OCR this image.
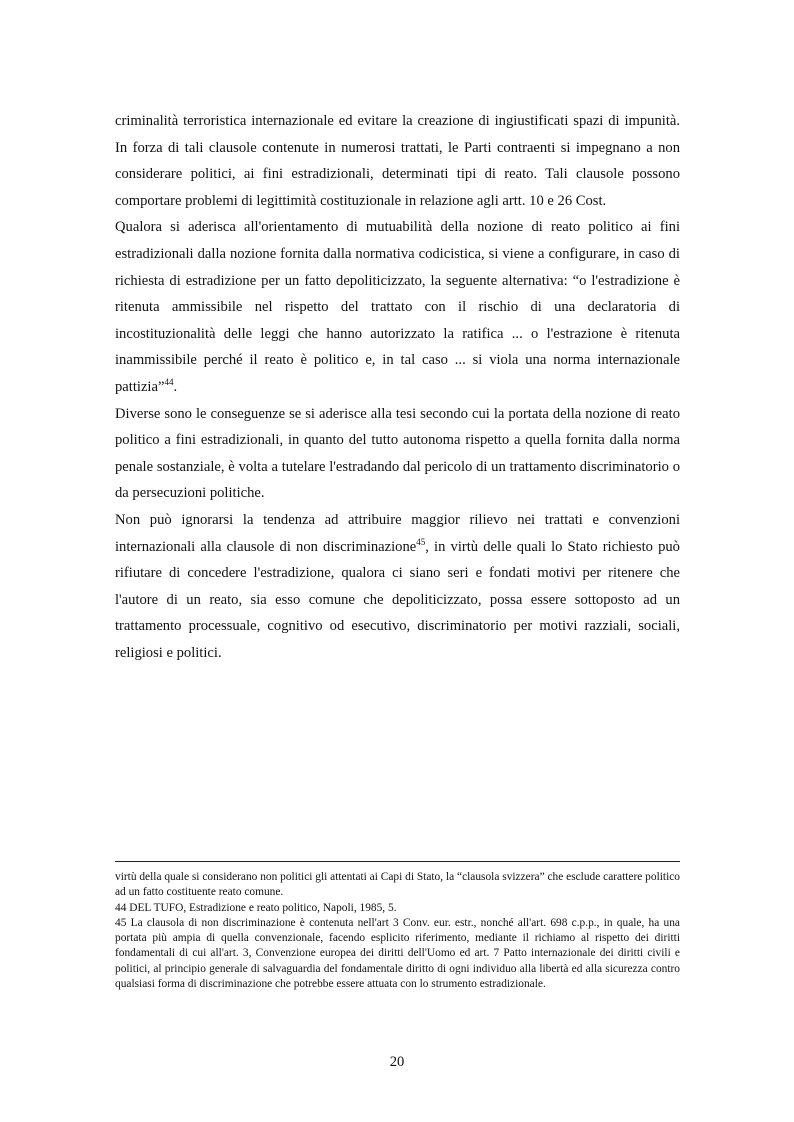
criminalità terroristica internazionale ed evitare la creazione di ingiustificati spazi di impunità. In forza di tali clausole contenute in numerosi trattati, le Parti contraenti si impegnano a non considerare politici, ai fini estradizionali, determinati tipi di reato. Tali clausole possono comportare problemi di legittimità costituzionale in relazione agli artt. 10 e 26 Cost.

Qualora si aderisca all'orientamento di mutuabilità della nozione di reato politico ai fini estradizionali dalla nozione fornita dalla normativa codicistica, si viene a configurare, in caso di richiesta di estradizione per un fatto depoliticizzato, la seguente alternativa: “o l'estradizione è ritenuta ammissibile nel rispetto del trattato con il rischio di una declaratoria di incostituzionalità delle leggi che hanno autorizzato la ratifica ... o l'estrazione è ritenuta inammissibile perché il reato è politico e, in tal caso ... si viola una norma internazionale pattizia”$^{44}$.

Diverse sono le conseguenze se si aderisce alla tesi secondo cui la portata della nozione di reato politico a fini estradizionali, in quanto del tutto autonoma rispetto a quella fornita dalla norma penale sostanziale, è volta a tutelare l'estradando dal pericolo di un trattamento discriminatorio o da persecuzioni politiche.

Non può ignorarsi la tendenza ad attribuire maggior rilievo nei trattati e convenzioni internazionali alla clausole di non discriminazione$^{45}$, in virtù delle quali lo Stato richiesto può rifiutare di concedere l'estradizione, qualora ci siano seri e fondati motivi per ritenere che l'autore di un reato, sia esso comune che depoliticizzato, possa essere sottoposto ad un trattamento processuale, cognitivo od esecutivo, discriminatorio per motivi razziali, sociali, religiosi e politici.

virtù della quale si considerano non politici gli attentati ai Capi di Stato, la “clausola svizzera” che esclude carattere politico ad un fatto costituente reato comune.

44 DEL TUFO, Estradizione e reato politico, Napoli, 1985, 5.

45 La clausola di non discriminazione è contenuta nell'art 3 Conv. eur. estr., nonché all'art. 698 c.p.p., in quale, ha una portata più ampia di quella convenzionale, facendo esplicito riferimento, mediante il richiamo al rispetto dei diritti fondamentali di cui all'art. 3, Convenzione europea dei diritti dell'Uomo ed art. 7 Patto internazionale dei diritti civili e politici, al principio generale di salvaguardia del fondamentale diritto di ogni individuo alla libertà ed alla sicurezza contro qualsiasi forma di discriminazione che potrebbe essere attuata con lo strumento estradizionale.

20
